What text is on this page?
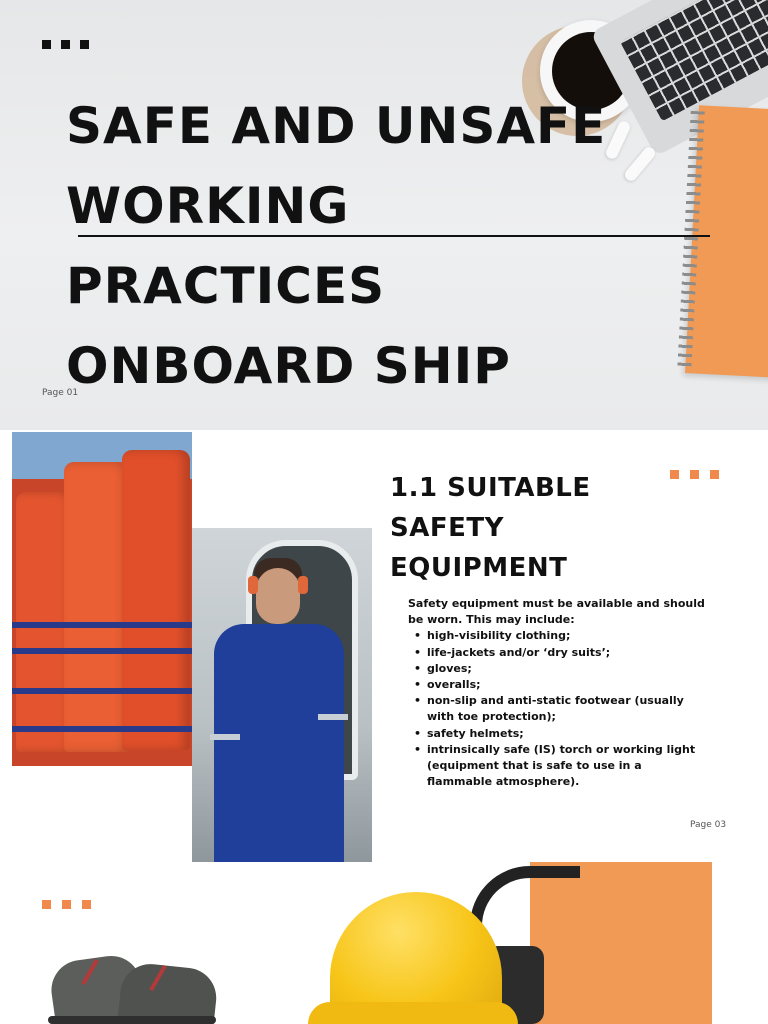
SAFE AND UNSAFE
WORKING
PRACTICES
ONBOARD SHIP
Page 01
1.1 SUITABLE
SAFETY
EQUIPMENT

Safety equipment must be available and should be worn. This may include:

• high-visibility clothing;
• life-jackets and/or ‘dry suits’;
• gloves;
• overalls;
• non-slip and anti-static footwear (usually with toe protection);
• safety helmets;
• intrinsically safe (IS) torch or working light (equipment that is safe to use in a flammable atmosphere).
Page 03
